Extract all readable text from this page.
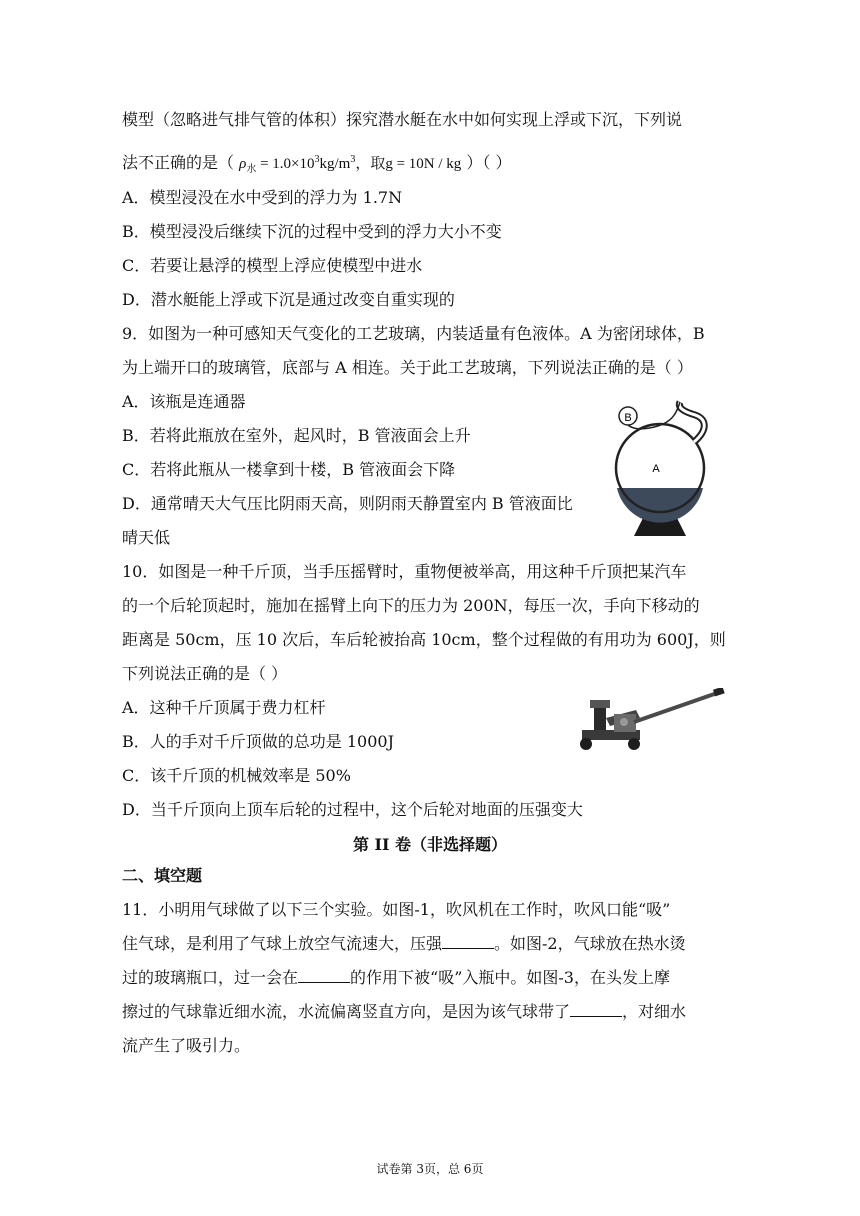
模型（忽略进气排气管的体积）探究潜水艇在水中如何实现上浮或下沉，下列说
法不正确的是（ $\rho_水 = 1.0\times 10^3kg/m^3$，取g = 10N / kg ）（ ）
A．模型浸没在水中受到的浮力为 1.7N
B．模型浸没后继续下沉的过程中受到的浮力大小不变
C．若要让悬浮的模型上浮应使模型中进水
D．潜水艇能上浮或下沉是通过改变自重实现的
9．如图为一种可感知天气变化的工艺玻璃，内装适量有色液体。A 为密闭球体，B
为上端开口的玻璃管，底部与 A 相连。关于此工艺玻璃，下列说法正确的是（ ）
A．该瓶是连通器
B．若将此瓶放在室外，起风时，B 管液面会上升
C．若将此瓶从一楼拿到十楼，B 管液面会下降
D．通常晴天大气压比阴雨天高，则阴雨天静置室内 B 管液面比
晴天低
B
A
10．如图是一种千斤顶，当手压摇臂时，重物便被举高，用这种千斤顶把某汽车
的一个后轮顶起时，施加在摇臂上向下的压力为 200N，每压一次，手向下移动的
距离是 50cm，压 10 次后，车后轮被抬高 10cm，整个过程做的有用功为 600J，则
下列说法正确的是（ ）
A．这种千斤顶属于费力杠杆
B．人的手对千斤顶做的总功是 1000J
C．该千斤顶的机械效率是 50%
D．当千斤顶向上顶车后轮的过程中，这个后轮对地面的压强变大
第 II 卷（非选择题）
二、填空题
11．小明用气球做了以下三个实验。如图-1，吹风机在工作时，吹风口能“吸”
住气球，是利用了气球上放空气流速大，压强	。如图-2，气球放在热水烫
过的玻璃瓶口，过一会在	的作用下被“吸”入瓶中。如图-3，在头发上摩
擦过的气球靠近细水流，水流偏离竖直方向，是因为该气球带了	，对细水
流产生了吸引力。
试卷第 3页，总 6页
